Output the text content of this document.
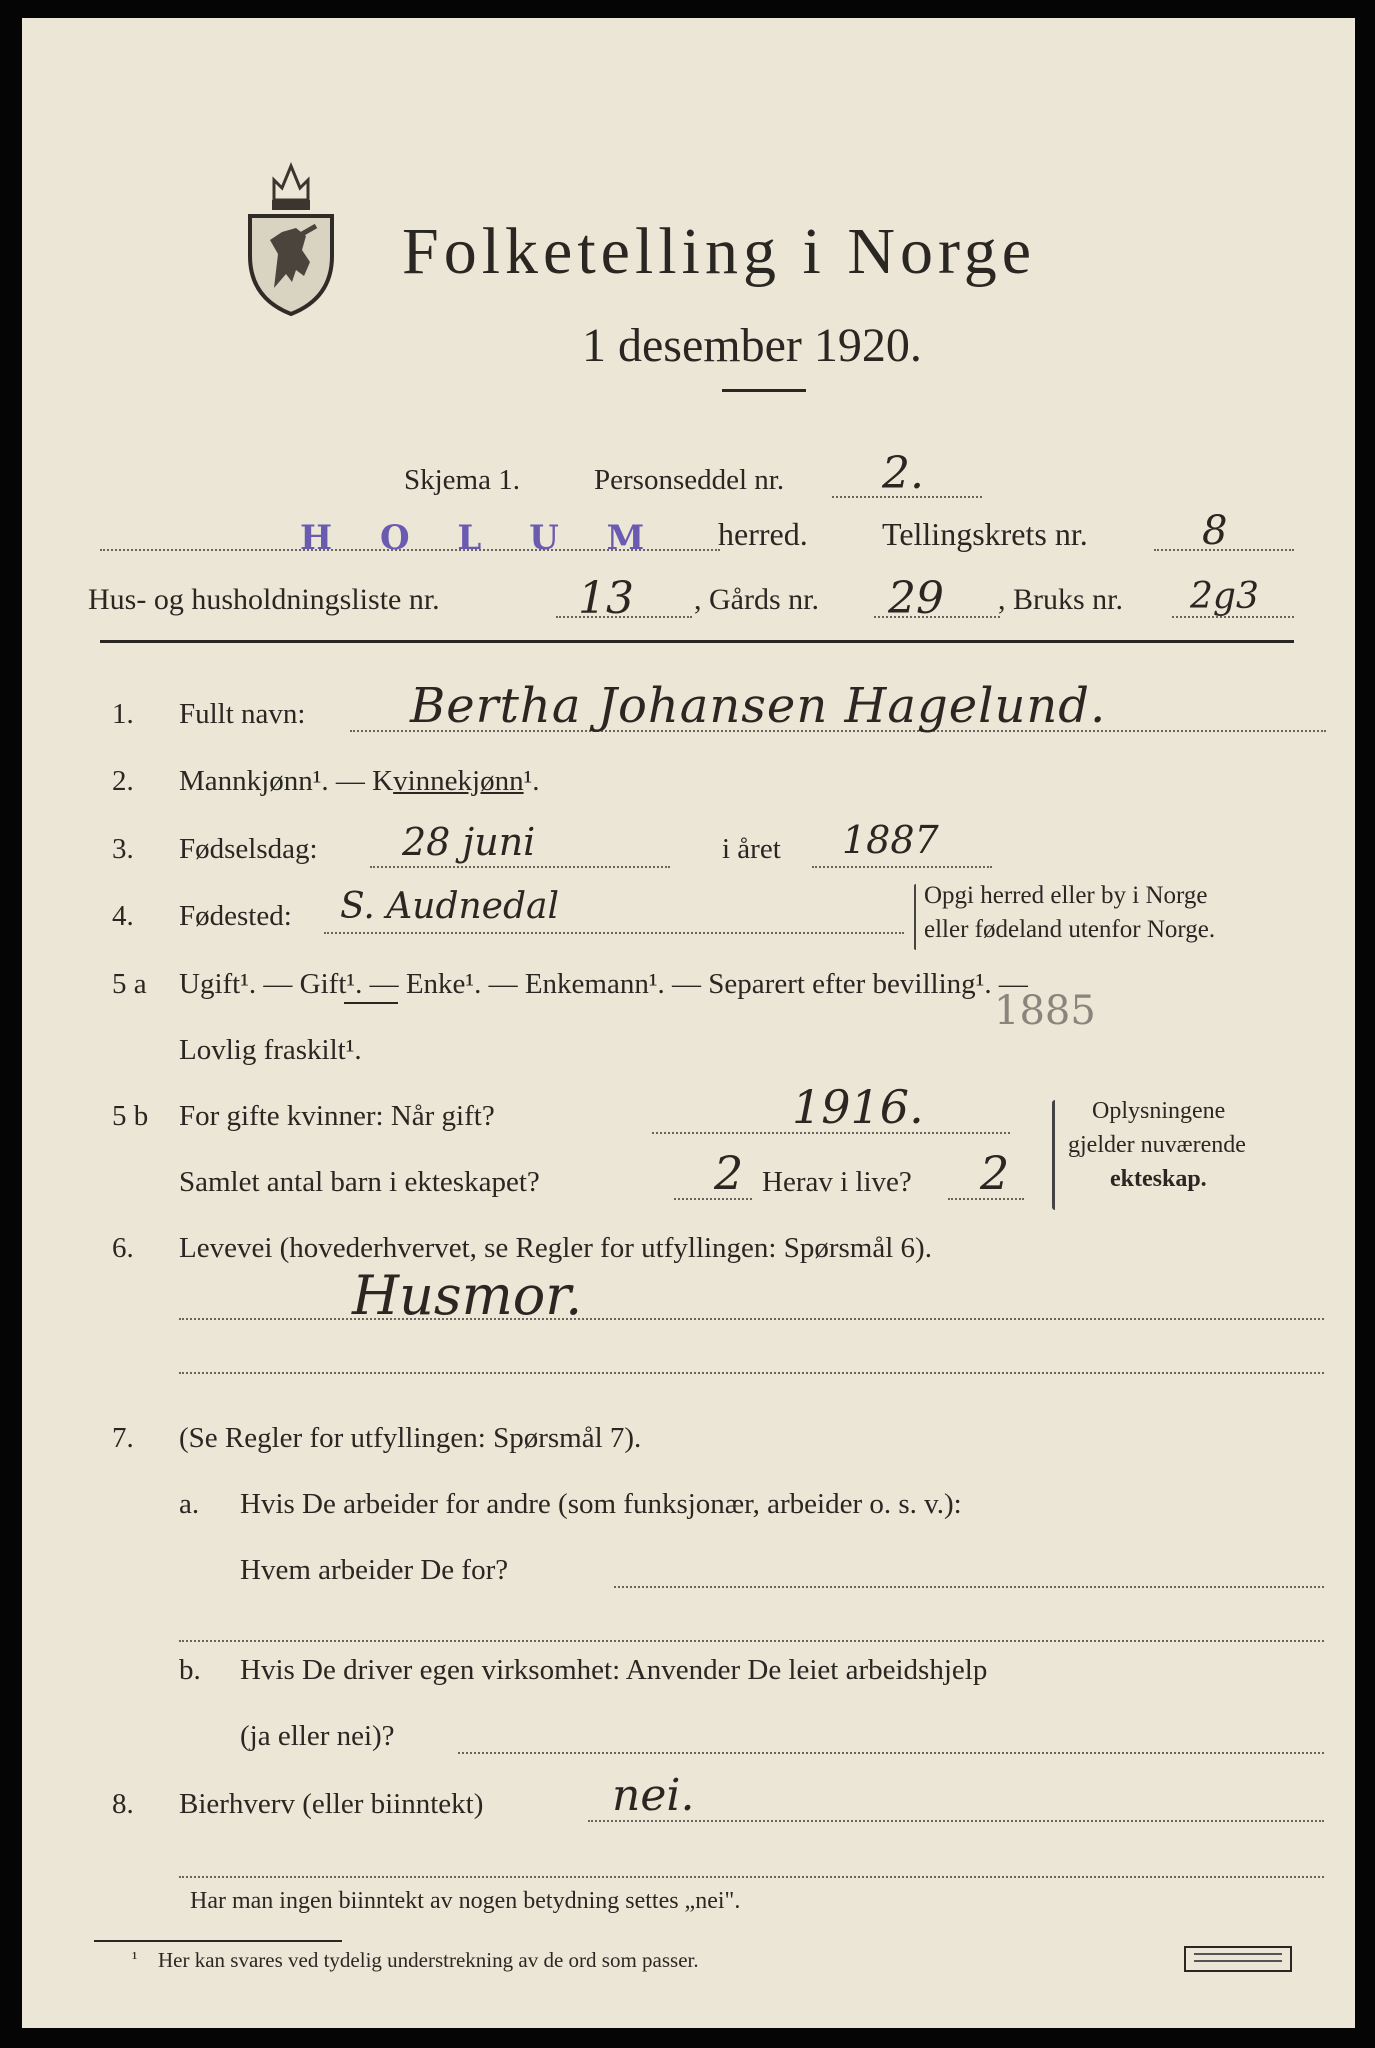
Folketelling i Norge
1 desember 1920.
Skjema 1.	Personseddel nr. 2.
H O L U M herred. Tellingskrets nr.	8
Hus- og husholdningsliste nr.	13 , Gårds nr. 29 , Bruks nr. 2g3
1. Fullt navn: Bertha Johansen Hagelund.
2. Mannkjønn¹. — Kvinnekjønn¹.
3. Fødselsdag: 28 juni	i året 1887
4. Fødested: S. Audnedal	Opgi herred eller by i Norge
eller fødeland utenfor Norge.
5 a Ugift¹. — Gift¹. — Enke¹. — Enkemann¹. — Separert efter bevilling¹. —
1885
Lovlig fraskilt¹.
5 b For gifte kvinner: Når gift?	1916.
Samlet antal barn i ekteskapet?	2 Herav i live? 2
Oplysningene
gjelder nuværende
ekteskap.
6. Levevei (hovederhvervet, se Regler for utfyllingen: Spørsmål 6).
Husmor.
7. (Se Regler for utfyllingen: Spørsmål 7).
a. Hvis De arbeider for andre (som funksjonær, arbeider o. s. v.):
Hvem arbeider De for?
b. Hvis De driver egen virksomhet: Anvender De leiet arbeidshjelp
(ja eller nei)?
8. Bierhverv (eller biinntekt)	nei.
Har man ingen biinntekt av nogen betydning settes „nei".
¹ Her kan svares ved tydelig understrekning av de ord som passer.
